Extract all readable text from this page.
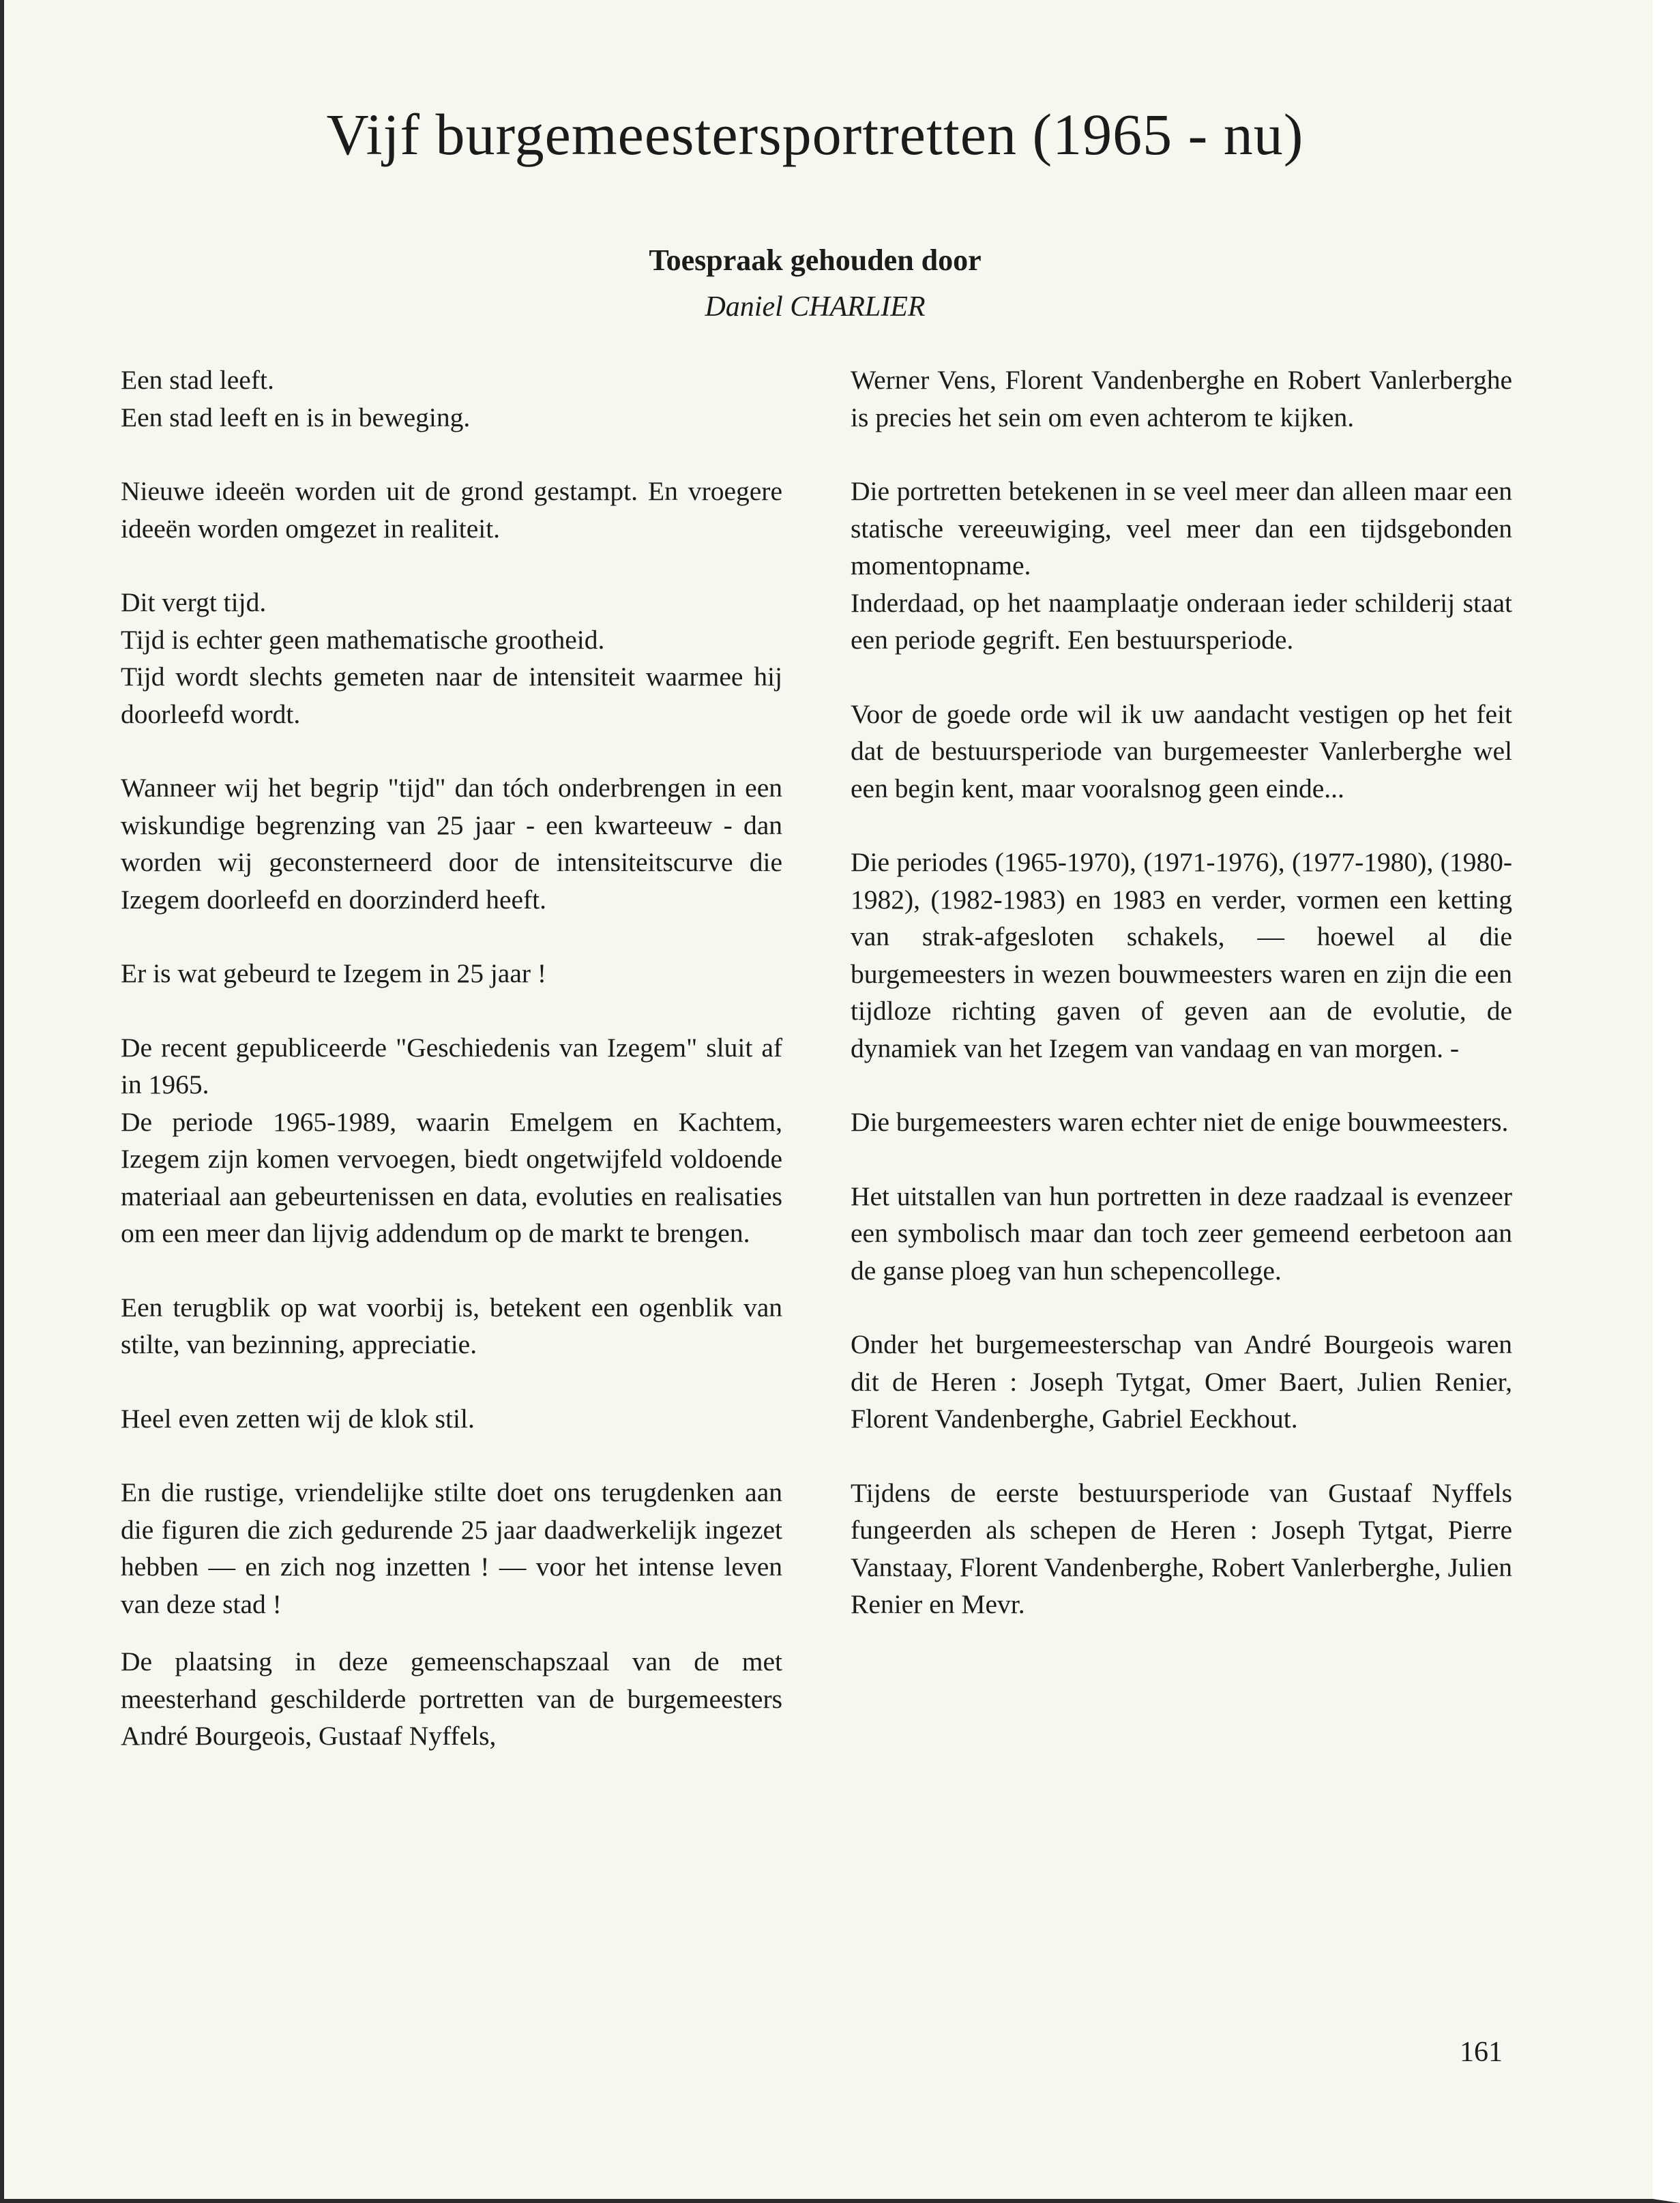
Vijf burgemeestersportretten (1965 - nu)
Toespraak gehouden door
Daniel CHARLIER

Een stad leeft.
Een stad leeft en is in beweging.

Nieuwe ideeën worden uit de grond gestampt. En vroegere ideeën worden omgezet in realiteit.

Dit vergt tijd.
Tijd is echter geen mathematische grootheid.
Tijd wordt slechts gemeten naar de intensiteit waarmee hij doorleefd wordt.

Wanneer wij het begrip "tijd" dan tóch onderbrengen in een wiskundige begrenzing van 25 jaar - een kwarteeuw - dan worden wij geconsterneerd door de intensiteitscurve die Izegem doorleefd en doorzinderd heeft.

Er is wat gebeurd te Izegem in 25 jaar !

De recent gepubliceerde "Geschiedenis van Izegem" sluit af in 1965.
De periode 1965-1989, waarin Emelgem en Kachtem, Izegem zijn komen vervoegen, biedt ongetwijfeld voldoende materiaal aan gebeurtenissen en data, evoluties en realisaties om een meer dan lijvig addendum op de markt te brengen.

Een terugblik op wat voorbij is, betekent een ogenblik van stilte, van bezinning, appreciatie.

Heel even zetten wij de klok stil.

En die rustige, vriendelijke stilte doet ons terugdenken aan die figuren die zich gedurende 25 jaar daadwerkelijk ingezet hebben — en zich nog inzetten ! — voor het intense leven van deze stad !

De plaatsing in deze gemeenschapszaal van de met meesterhand geschilderde portretten van de burgemeesters André Bourgeois, Gustaaf Nyffels,

Werner Vens, Florent Vandenberghe en Robert Vanlerberghe is precies het sein om even achterom te kijken.

Die portretten betekenen in se veel meer dan alleen maar een statische vereeuwiging, veel meer dan een tijdsgebonden momentopname.
Inderdaad, op het naamplaatje onderaan ieder schilderij staat een periode gegrift. Een bestuursperiode.

Voor de goede orde wil ik uw aandacht vestigen op het feit dat de bestuursperiode van burgemeester Vanlerberghe wel een begin kent, maar vooralsnog geen einde...

Die periodes (1965-1970), (1971-1976), (1977-1980), (1980-1982), (1982-1983) en 1983 en verder, vormen een ketting van strak-afgesloten schakels, — hoewel al die burgemeesters in wezen bouwmeesters waren en zijn die een tijdloze richting gaven of geven aan de evolutie, de dynamiek van het Izegem van vandaag en van morgen. -

Die burgemeesters waren echter niet de enige bouwmeesters.

Het uitstallen van hun portretten in deze raadzaal is evenzeer een symbolisch maar dan toch zeer gemeend eerbetoon aan de ganse ploeg van hun schepencollege.

Onder het burgemeesterschap van André Bourgeois waren dit de Heren : Joseph Tytgat, Omer Baert, Julien Renier, Florent Vandenberghe, Gabriel Eeckhout.

Tijdens de eerste bestuursperiode van Gustaaf Nyffels fungeerden als schepen de Heren : Joseph Tytgat, Pierre Vanstaay, Florent Vandenberghe, Robert Vanlerberghe, Julien Renier en Mevr.

161
